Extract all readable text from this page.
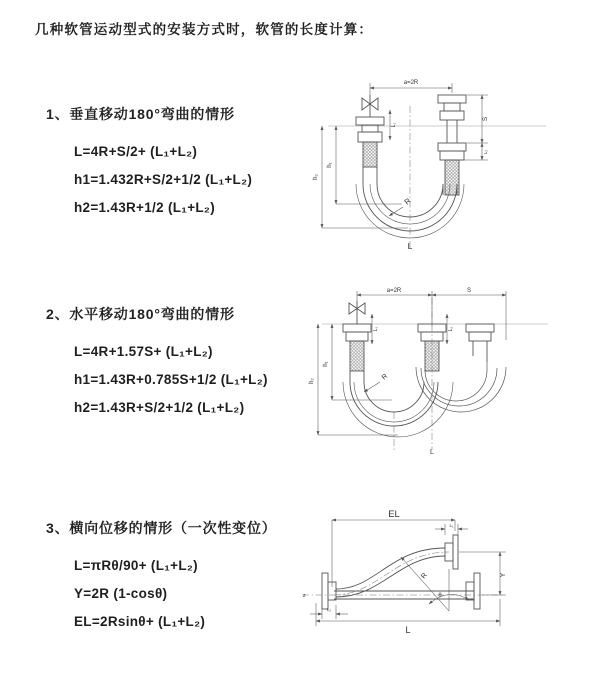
几种软管运动型式的安装方式时，软管的长度计算：
1、垂直移动180°弯曲的情形

L=4R+S/2+ (L₁+L₂)

h1=1.432R+S/2+1/2 (L₁+L₂)

h2=1.43R+1/2 (L₁+L₂)

2、水平移动180°弯曲的情形

L=4R+1.57S+ (L₁+L₂)

h1=1.43R+0.785S+1/2 (L₁+L₂)

h2=1.43R+S/2+1/2 (L₁+L₂)

3、横向位移的情形（一次性变位）

L=πRθ/90+ (L₁+L₂)

Y=2R (1-cosθ)

EL=2Rsinθ+ (L₁+L₂)

a=2R
L₁
S
L₂
h₁
h₂
R
L
a=2R	S
L₁	L₂
h₁
h₂	R
L
EL
L₁
R
θ
Y
L
L₂
z
